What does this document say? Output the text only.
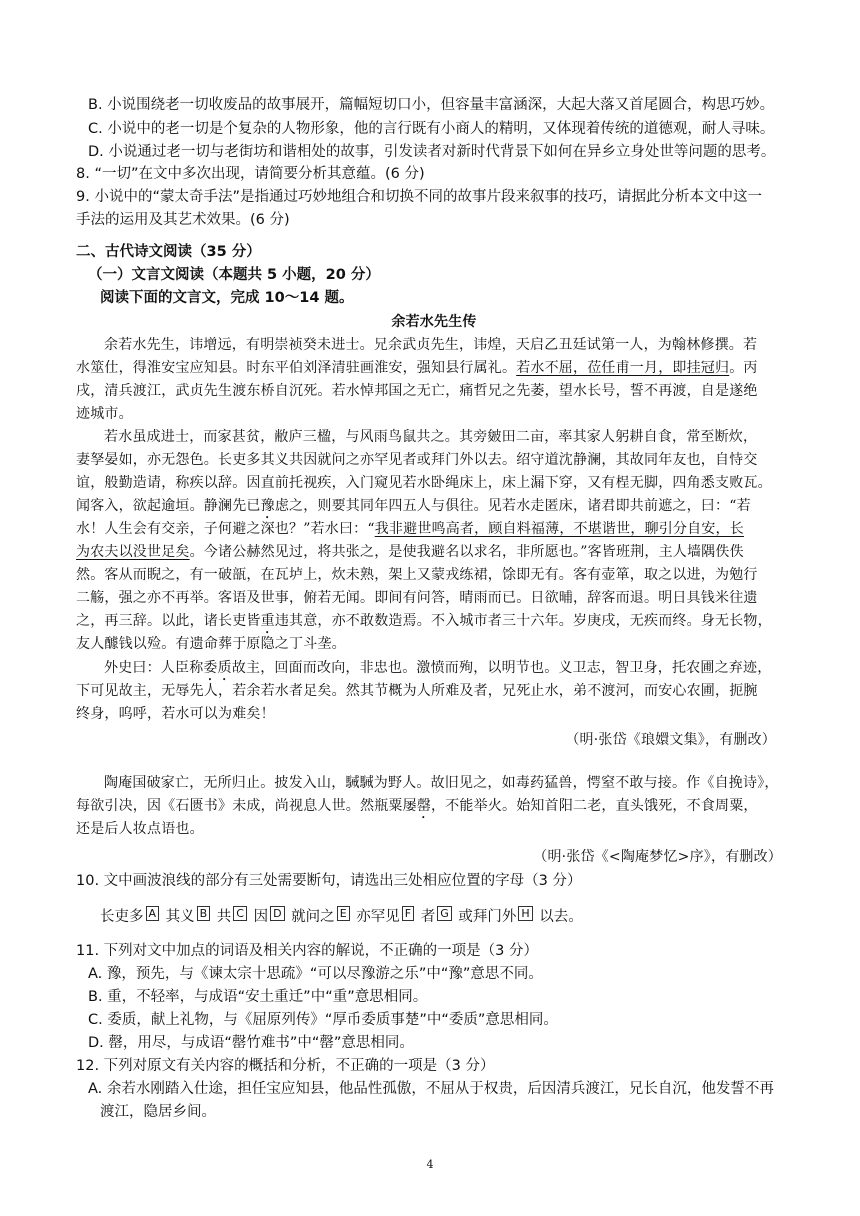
B. 小说围绕老一切收废品的故事展开，篇幅短切口小，但容量丰富涵深，大起大落又首尾圆合，构思巧妙。
C. 小说中的老一切是个复杂的人物形象，他的言行既有小商人的精明，又体现着传统的道德观，耐人寻味。
D. 小说通过老一切与老街坊和谐相处的故事，引发读者对新时代背景下如何在异乡立身处世等问题的思考。
8. “一切”在文中多次出现，请简要分析其意蕴。(6 分)
9. 小说中的“蒙太奇手法”是指通过巧妙地组合和切换不同的故事片段来叙事的技巧，请据此分析本文中这一
手法的运用及其艺术效果。(6 分)
二、古代诗文阅读（35 分）
（一）文言文阅读（本题共 5 小题，20 分）
阅读下面的文言文，完成 10～14 题。
余若水先生传
余若水先生，讳增远，有明崇祯癸未进士。兄余武贞先生，讳煌，天启乙丑廷试第一人，为翰林修撰。若
水筮仕，得淮安宝应知县。时东平伯刘泽清驻画淮安，强知县行属礼。若水不屈，莅任甫一月，即挂冠归。丙
戌，清兵渡江，武贞先生渡东桥自沉死。若水悼邦国之无亡，痛哲兄之先萎，望水长号，誓不再渡，自是遂绝
迹城市。
若水虽成进士，而家甚贫，敝庐三楹，与风雨鸟鼠共之。其旁皴田二亩，率其家人躬耕自食，常至断炊，
妻孥晏如，亦无怨色。长吏多其义共因就问之亦罕见者或拜门外以去。绍守道沈静澜，其故同年友也，自恃交
谊，般勤造请，称疾以辞。因直前托视疾，入门窥见若水卧绳床上，床上漏下穿，又有桯无脚，四角悉支败瓦。
闻客入，欲起逾垣。静澜先已豫虑之，则要其同年四五人与俱往。见若水走匿床，诸君即共前遮之，曰：“若
水！人生会有交亲，子何避之深也？”若水曰：“我非避世鸣高者，顾自料福薄，不堪谐世，聊引分自安，长
为农夫以没世足矣。今诸公赫然见过，将共张之，是使我避名以求名，非所愿也。”客皆班荆，主人墙隅佚佚
然。客从而睨之，有一破瓿，在瓦垆上，炊未熟，架上又蒙戎练裙，馀即无有。客有壶箪，取之以进，为勉行
二觞，强之亦不再举。客语及世事，俯若无闻。即间有问答，晴雨而已。日欲晡，辞客而退。明日具钱米往遗
之，再三辞。以此，诸长吏皆重违其意，亦不敢数造焉。不入城市者三十六年。岁庚戌，无疾而终。身无长物，
友人醵钱以殓。有遗命葬于原隐之丁斗垄。
外史曰：人臣称委质故主，回面而改向，非忠也。激愤而殉，以明节也。义卫志，智卫身，托农圃之弃迹，
下可见故主，无辱先人，若余若水者足矣。然其节概为人所难及者，兄死止水，弟不渡河，而安心农圃，扼腕
终身，呜呼，若水可以为难矣！
（明·张岱《琅嬛文集》，有删改）
陶庵国破家亡，无所归止。披发入山，駴駴为野人。故旧见之，如毒药猛兽，愕窒不敢与接。作《自挽诗》，
每欲引决，因《石匮书》未成，尚视息人世。然瓶粟屡罄，不能举火。始知首阳二老，直头饿死，不食周粟，
还是后人妆点语也。
（明·张岱《<陶庵梦忆>序》，有删改）
10. 文中画波浪线的部分有三处需要断句，请选出三处相应位置的字母（3 分）
长吏多 A 其义 B 共 C 因 D 就问之 E 亦罕见 F 者 G 或拜门外 H 以去。
11. 下列对文中加点的词语及相关内容的解说，不正确的一项是（3 分）
A. 豫，预先，与《谏太宗十思疏》“可以尽豫游之乐”中“豫”意思不同。
B. 重，不轻率，与成语“安土重迁”中“重”意思相同。
C. 委质，献上礼物，与《屈原列传》“厚币委质事楚”中“委质”意思相同。
D. 罄，用尽，与成语“罄竹难书”中“罄”意思相同。
12. 下列对原文有关内容的概括和分析，不正确的一项是（3 分）
A. 余若水刚踏入仕途，担任宝应知县，他品性孤傲，不屈从于权贵，后因清兵渡江，兄长自沉，他发誓不再
渡江，隐居乡间。
4
